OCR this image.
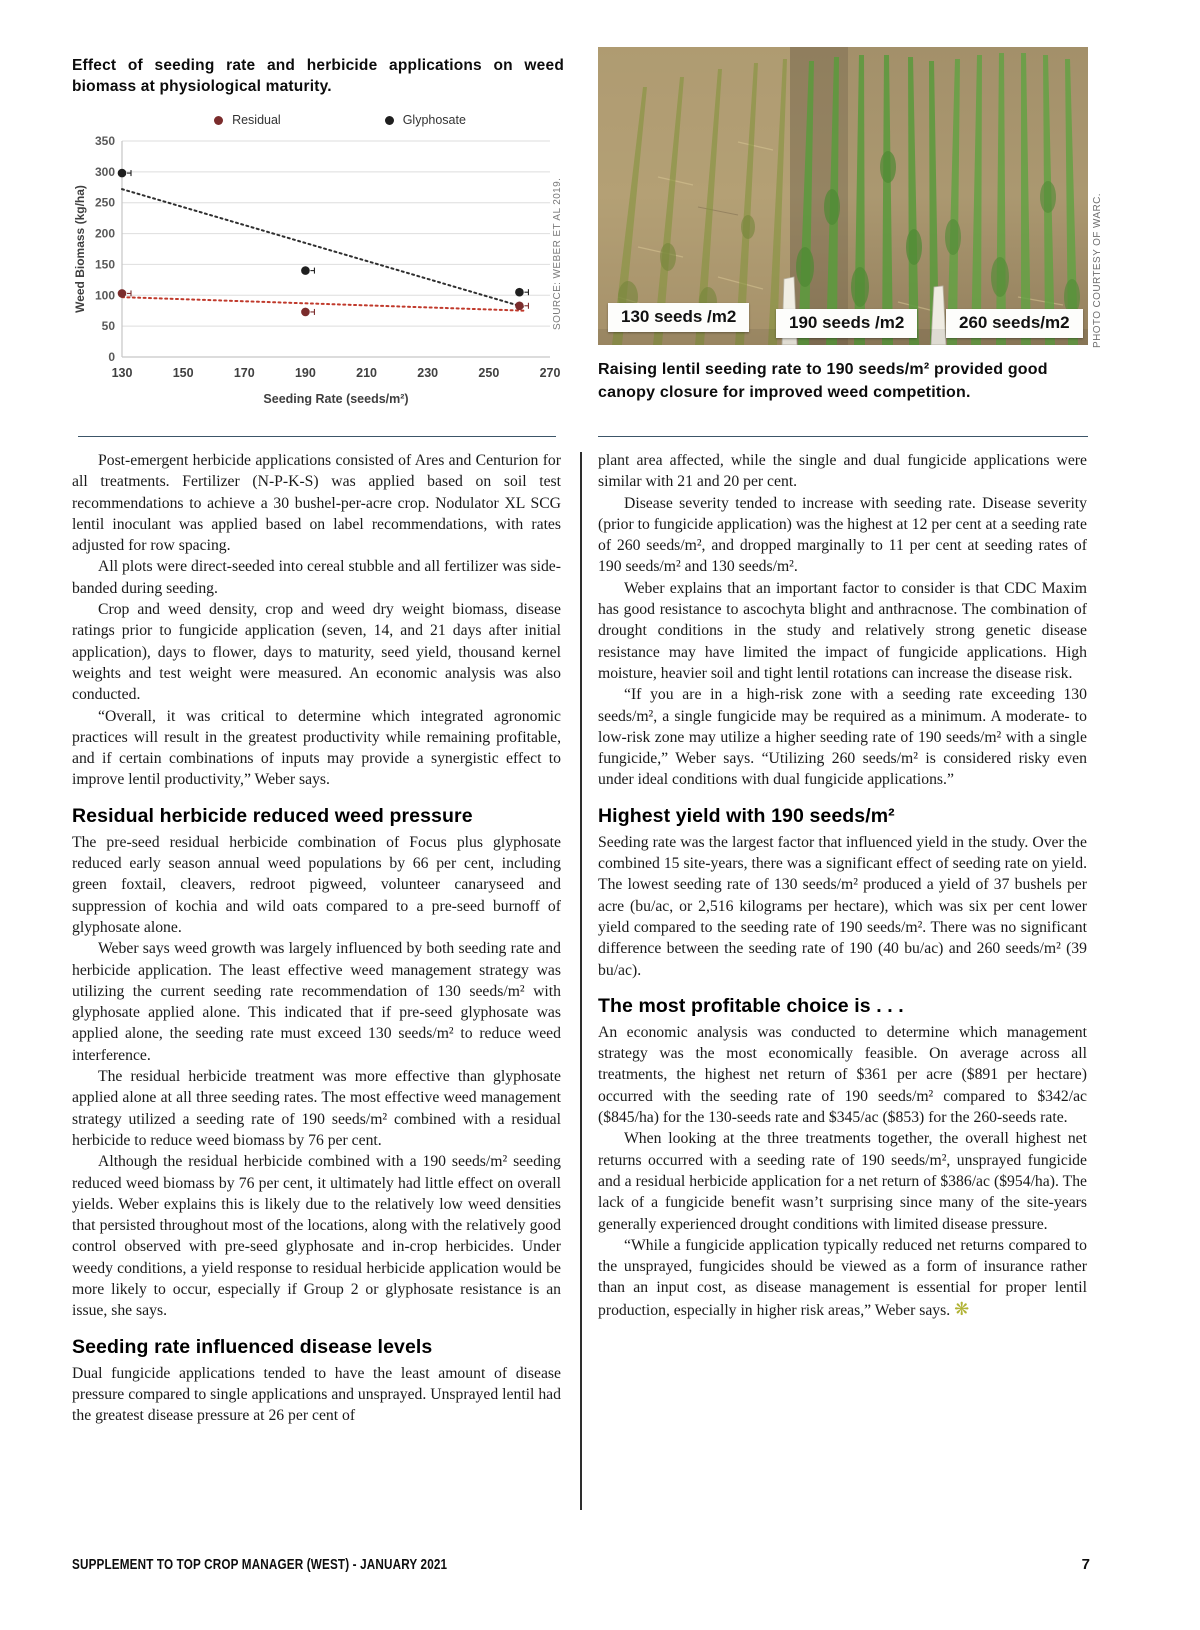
Effect of seeding rate and herbicide applications on weed biomass at physiological maturity.
Residual	Glyphosate
0
50
100
150
200
250
300
350
130	150	170	190	210	230	250	270
Seeding Rate (seeds/m²)
Weed Biomass (kg/ha)	SOURCE: WEBER ET AL 2019.	130 seeds /m2	190 seeds /m2	260 seeds/m2	PHOTO COURTESY OF WARC.
Raising lentil seeding rate to 190 seeds/m² provided good canopy closure for improved weed competition.

Post-emergent herbicide applications consisted of Ares and Centurion for all treatments. Fertilizer (N-P-K-S) was applied based on soil test recommendations to achieve a 30 bushel-per-acre crop. Nodulator XL SCG lentil inoculant was applied based on label recommendations, with rates adjusted for row spacing.

All plots were direct-seeded into cereal stubble and all fertilizer was side-banded during seeding.

Crop and weed density, crop and weed dry weight biomass, disease ratings prior to fungicide application (seven, 14, and 21 days after initial application), days to flower, days to maturity, seed yield, thousand kernel weights and test weight were measured. An economic analysis was also conducted.

“Overall, it was critical to determine which integrated agronomic practices will result in the greatest productivity while remaining profitable, and if certain combinations of inputs may provide a synergistic effect to improve lentil productivity,” Weber says.

Residual herbicide reduced weed pressure

The pre-seed residual herbicide combination of Focus plus glyphosate reduced early season annual weed populations by 66 per cent, including green foxtail, cleavers, redroot pigweed, volunteer canaryseed and suppression of kochia and wild oats compared to a pre-seed burnoff of glyphosate alone.

Weber says weed growth was largely influenced by both seeding rate and herbicide application. The least effective weed management strategy was utilizing the current seeding rate recommendation of 130 seeds/m² with glyphosate applied alone. This indicated that if pre-seed glyphosate was applied alone, the seeding rate must exceed 130 seeds/m² to reduce weed interference.

The residual herbicide treatment was more effective than glyphosate applied alone at all three seeding rates. The most effective weed management strategy utilized a seeding rate of 190 seeds/m² combined with a residual herbicide to reduce weed biomass by 76 per cent.

Although the residual herbicide combined with a 190 seeds/m² seeding reduced weed biomass by 76 per cent, it ultimately had little effect on overall yields. Weber explains this is likely due to the relatively low weed densities that persisted throughout most of the locations, along with the relatively good control observed with pre-seed glyphosate and in-crop herbicides. Under weedy conditions, a yield response to residual herbicide application would be more likely to occur, especially if Group 2 or glyphosate resistance is an issue, she says.

Seeding rate influenced disease levels

Dual fungicide applications tended to have the least amount of disease pressure compared to single applications and unsprayed. Unsprayed lentil had the greatest disease pressure at 26 per cent of

plant area affected, while the single and dual fungicide applications were similar with 21 and 20 per cent.

Disease severity tended to increase with seeding rate. Disease severity (prior to fungicide application) was the highest at 12 per cent at a seeding rate of 260 seeds/m², and dropped marginally to 11 per cent at seeding rates of 190 seeds/m² and 130 seeds/m².

Weber explains that an important factor to consider is that CDC Maxim has good resistance to ascochyta blight and anthracnose. The combination of drought conditions in the study and relatively strong genetic disease resistance may have limited the impact of fungicide applications. High moisture, heavier soil and tight lentil rotations can increase the disease risk.

“If you are in a high-risk zone with a seeding rate exceeding 130 seeds/m², a single fungicide may be required as a minimum. A moderate- to low-risk zone may utilize a higher seeding rate of 190 seeds/m² with a single fungicide,” Weber says. “Utilizing 260 seeds/m² is considered risky even under ideal conditions with dual fungicide applications.”

Highest yield with 190 seeds/m²

Seeding rate was the largest factor that influenced yield in the study. Over the combined 15 site-years, there was a significant effect of seeding rate on yield. The lowest seeding rate of 130 seeds/m² produced a yield of 37 bushels per acre (bu/ac, or 2,516 kilograms per hectare), which was six per cent lower yield compared to the seeding rate of 190 seeds/m². There was no significant difference between the seeding rate of 190 (40 bu/ac) and 260 seeds/m² (39 bu/ac).

The most profitable choice is . . .

An economic analysis was conducted to determine which management strategy was the most economically feasible. On average across all treatments, the highest net return of $361 per acre ($891 per hectare) occurred with the seeding rate of 190 seeds/m² compared to $342/ac ($845/ha) for the 130-seeds rate and $345/ac ($853) for the 260-seeds rate.

When looking at the three treatments together, the overall highest net returns occurred with a seeding rate of 190 seeds/m², unsprayed fungicide and a residual herbicide application for a net return of $386/ac ($954/ha). The lack of a fungicide benefit wasn’t surprising since many of the site-years generally experienced drought conditions with limited disease pressure.

“While a fungicide application typically reduced net returns compared to the unsprayed, fungicides should be viewed as a form of insurance rather than an input cost, as disease management is essential for proper lentil production, especially in higher risk areas,” Weber says. ❋

SUPPLEMENT TO TOP CROP MANAGER (WEST) - JANUARY 2021	7
